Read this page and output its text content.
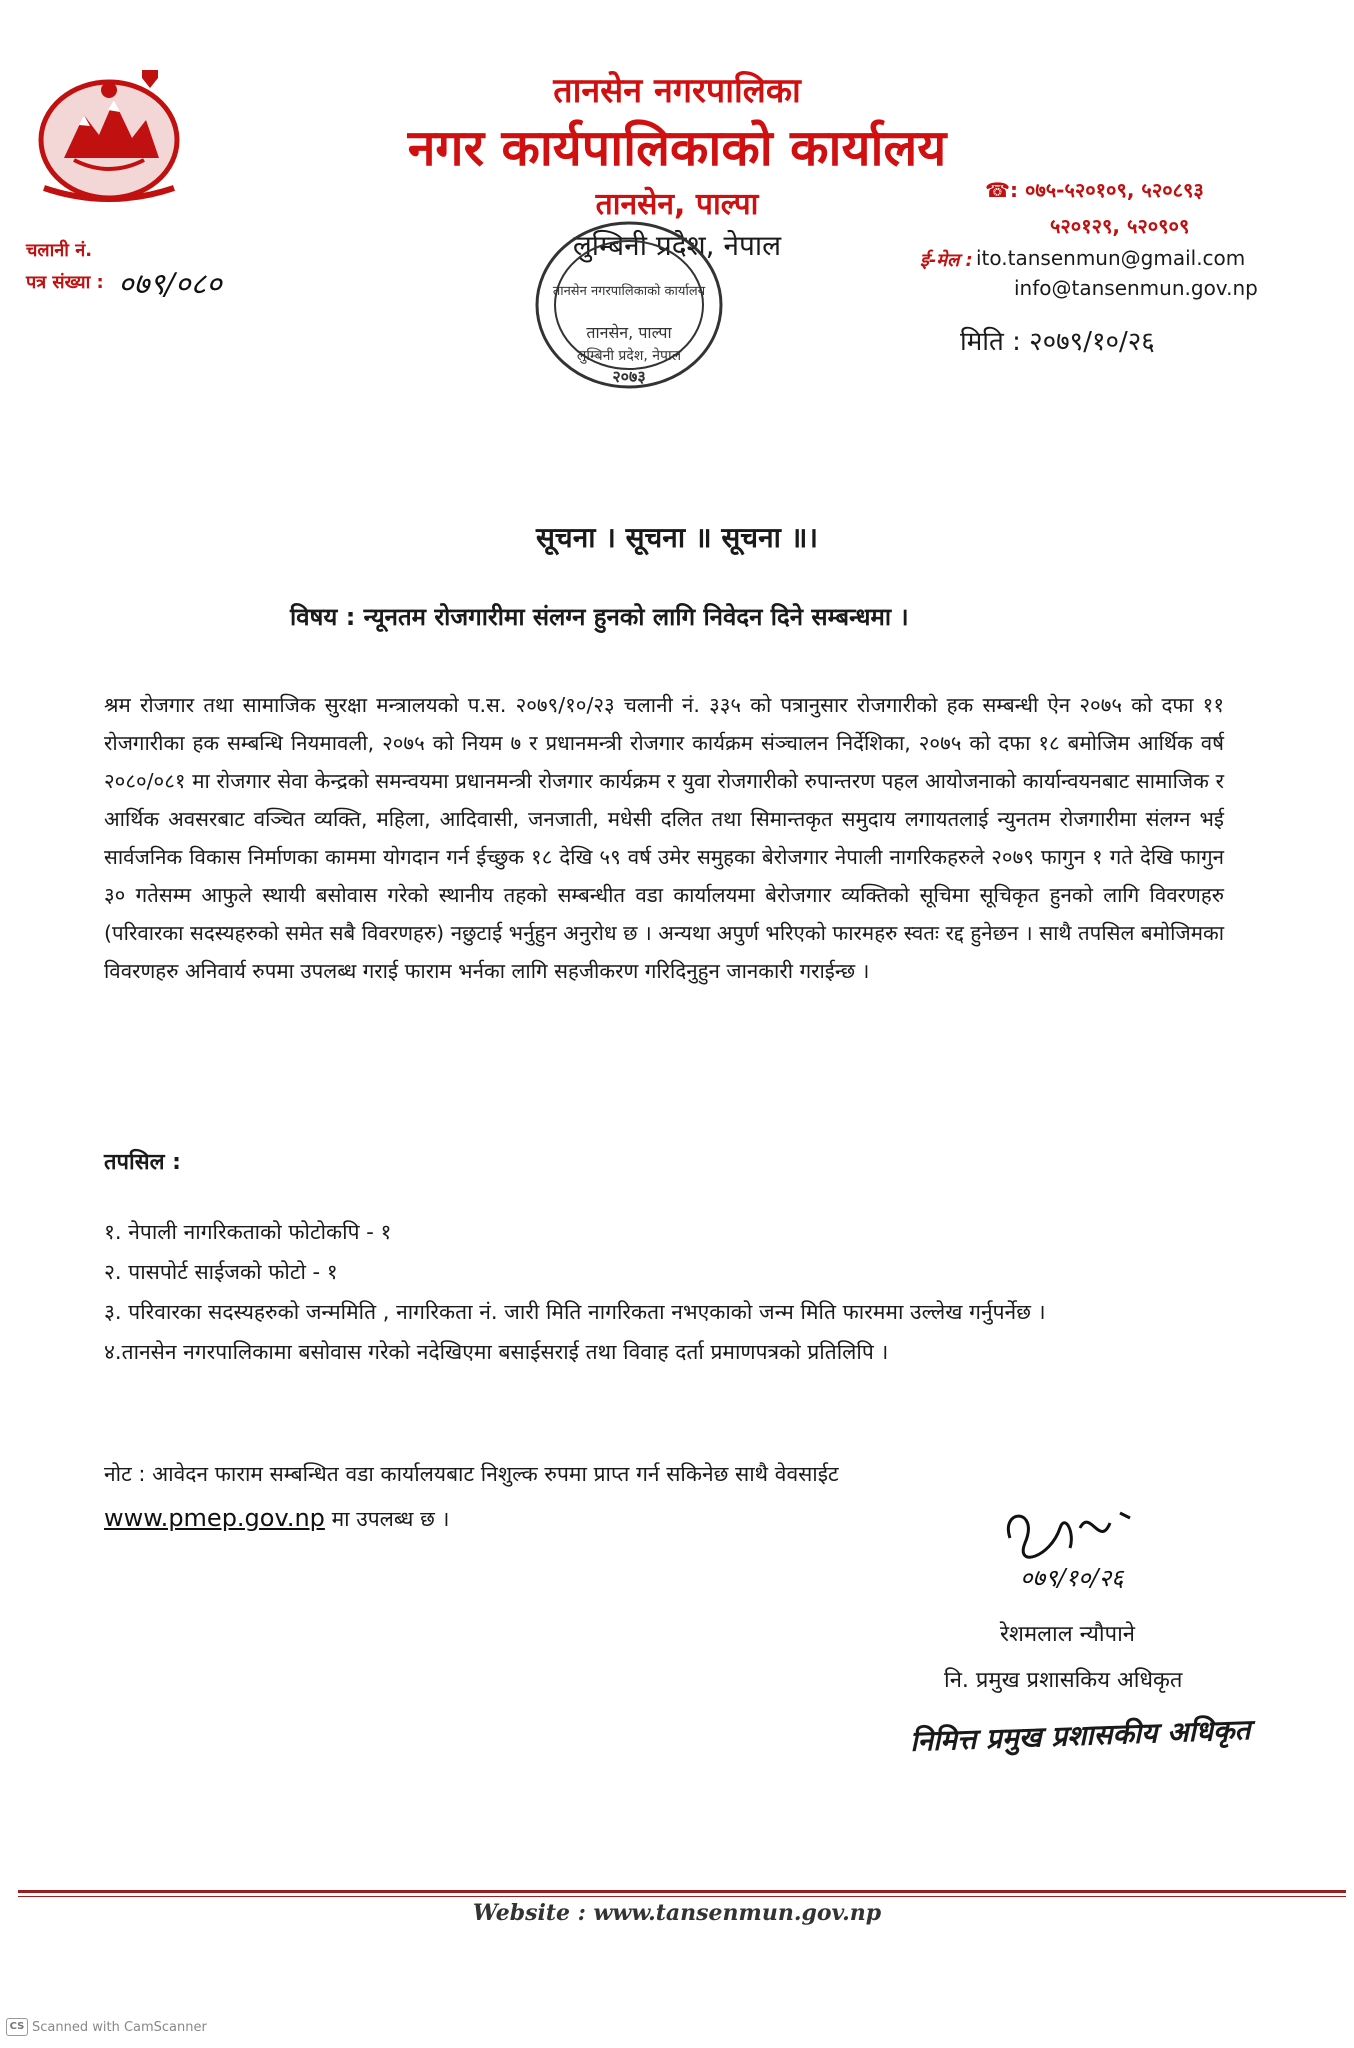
तानसेन नगरपालिका
नगर कार्यपालिकाको कार्यालय
तानसेन, पाल्पा
लुम्बिनी प्रदेश, नेपाल
तानसेन नगरपालिकाको कार्यालय
तानसेन, पाल्पा
लुम्बिनी प्रदेश, नेपाल
२०७३
चलानी नं.
पत्र संख्या : ०७९/०८०
☎ : ०७५-५२०१०९, ५२०८९३
५२०१२९, ५२०९०९
ई-मेल : ito.tansenmun@gmail.com
info@tansenmun.gov.np
मिति : २०७९/१०/२६
सूचना । सूचना ॥ सूचना ॥।
विषय : न्यूनतम रोजगारीमा संलग्न हुनको लागि निवेदन दिने सम्बन्धमा ।
श्रम रोजगार तथा सामाजिक सुरक्षा मन्त्रालयको प.स. २०७९/१०/२३ चलानी नं. ३३५ को पत्रानुसार रोजगारीको हक सम्बन्धी ऐन २०७५ को दफा ११ रोजगारीका हक सम्बन्धि नियमावली, २०७५ को नियम ७ र प्रधानमन्त्री रोजगार कार्यक्रम संञ्चालन निर्देशिका, २०७५ को दफा १८ बमोजिम आर्थिक वर्ष २०८०/०८१ मा रोजगार सेवा केन्द्रको समन्वयमा प्रधानमन्त्री रोजगार कार्यक्रम र युवा रोजगारीको रुपान्तरण पहल आयोजनाको कार्यान्वयनबाट सामाजिक र आर्थिक अवसरबाट वञ्चित व्यक्ति, महिला, आदिवासी, जनजाती, मधेसी दलित तथा सिमान्तकृत समुदाय लगायतलाई न्युनतम रोजगारीमा संलग्न भई सार्वजनिक विकास निर्माणका काममा योगदान गर्न ईच्छुक १८ देखि ५९ वर्ष उमेर समुहका बेरोजगार नेपाली नागरिकहरुले २०७९ फागुन १ गते देखि फागुन ३० गतेसम्म आफुले स्थायी बसोवास गरेको स्थानीय तहको सम्बन्धीत वडा कार्यालयमा बेरोजगार व्यक्तिको सूचिमा सूचिकृत हुनको लागि विवरणहरु (परिवारका सदस्यहरुको समेत सबै विवरणहरु) नछुटाई भर्नुहुन अनुरोध छ । अन्यथा अपुर्ण भरिएको फारमहरु स्वतः रद्द हुनेछन । साथै तपसिल बमोजिमका विवरणहरु अनिवार्य रुपमा उपलब्ध गराई फाराम भर्नका लागि सहजीकरण गरिदिनुहुन जानकारी गराईन्छ ।
तपसिल :

१. नेपाली नागरिकताको फोटोकपि - १

२. पासपोर्ट साईजको फोटो - १

३. परिवारका सदस्यहरुको जन्ममिति , नागरिकता नं. जारी मिति नागरिकता नभएकाको जन्म मिति फारममा उल्लेख गर्नुपर्नेछ ।

४.तानसेन नगरपालिकामा बसोवास गरेको नदेखिएमा बसाईसराई तथा विवाह दर्ता प्रमाणपत्रको प्रतिलिपि ।

नोट : आवेदन फाराम सम्बन्धित वडा कार्यालयबाट निशुल्क रुपमा प्राप्त गर्न सकिनेछ साथै वेवसाईट
www.pmep.gov.np मा उपलब्ध छ ।
०७९/१०/२६
रेशमलाल न्यौपाने
नि. प्रमुख प्रशासकिय अधिकृत
निमित्त प्रमुख प्रशासकीय अधिकृत
Website : www.tansenmun.gov.np
CS Scanned with CamScanner
